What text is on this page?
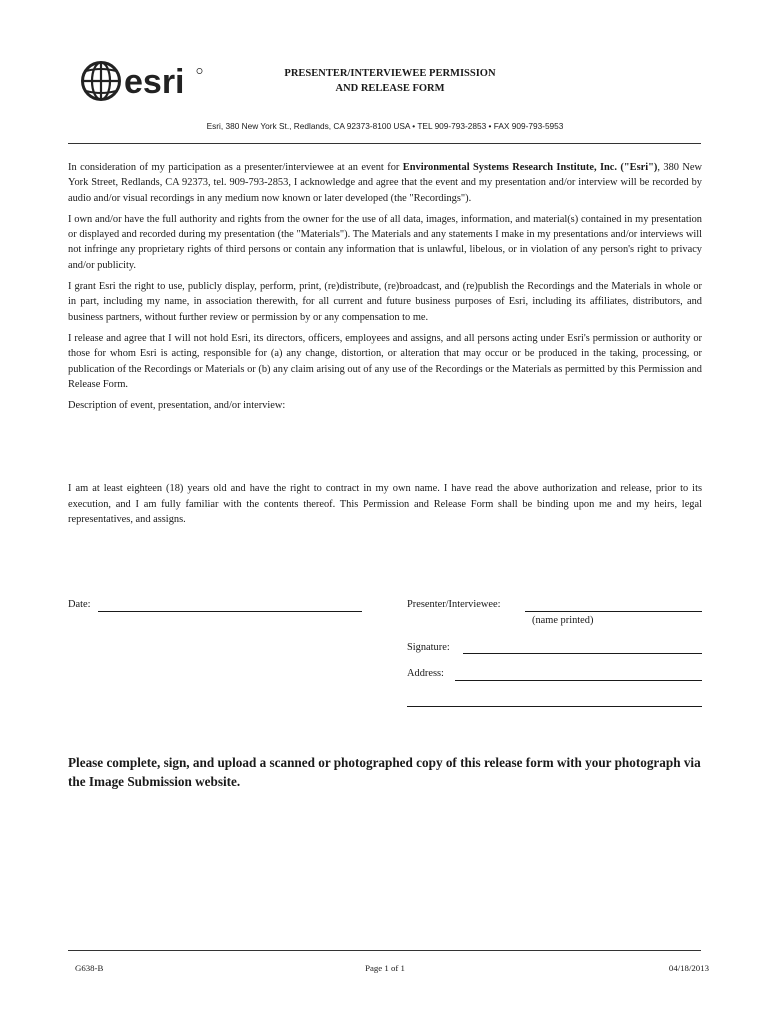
esri	PRESENTER/INTERVIEWEE PERMISSION
AND RELEASE FORM
Esri, 380 New York St., Redlands, CA 92373-8100 USA • TEL 909-793-2853 • FAX 909-793-5953

In consideration of my participation as a presenter/interviewee at an event for Environmental Systems Research Institute, Inc. ("Esri"), 380 New York Street, Redlands, CA 92373, tel. 909-793-2853, I acknowledge and agree that the event and my presentation and/or interview will be recorded by audio and/or visual recordings in any medium now known or later developed (the "Recordings").

I own and/or have the full authority and rights from the owner for the use of all data, images, information, and material(s) contained in my presentation or displayed and recorded during my presentation (the "Materials"). The Materials and any statements I make in my presentations and/or interviews will not infringe any proprietary rights of third persons or contain any information that is unlawful, libelous, or in violation of any person's right to privacy and/or publicity.

I grant Esri the right to use, publicly display, perform, print, (re)distribute, (re)broadcast, and (re)publish the Recordings and the Materials in whole or in part, including my name, in association therewith, for all current and future business purposes of Esri, including its affiliates, distributors, and business partners, without further review or permission by or any compensation to me.

I release and agree that I will not hold Esri, its directors, officers, employees and assigns, and all persons acting under Esri's permission or authority or those for whom Esri is acting, responsible for (a) any change, distortion, or alteration that may occur or be produced in the taking, processing, or publication of the Recordings or Materials or (b) any claim arising out of any use of the Recordings or the Materials as permitted by this Permission and Release Form.

Description of event, presentation, and/or interview:

I am at least eighteen (18) years old and have the right to contract in my own name. I have read the above authorization and release, prior to its execution, and I am fully familiar with the contents thereof. This Permission and Release Form shall be binding upon me and my heirs, legal representatives, and assigns.

Date:	Presenter/Interviewee:
(name printed)
Signature:
Address:
Please complete, sign, and upload a scanned or photographed copy of this release form with your photograph via the Image Submission website.
G638-B	Page 1 of 1	04/18/2013
